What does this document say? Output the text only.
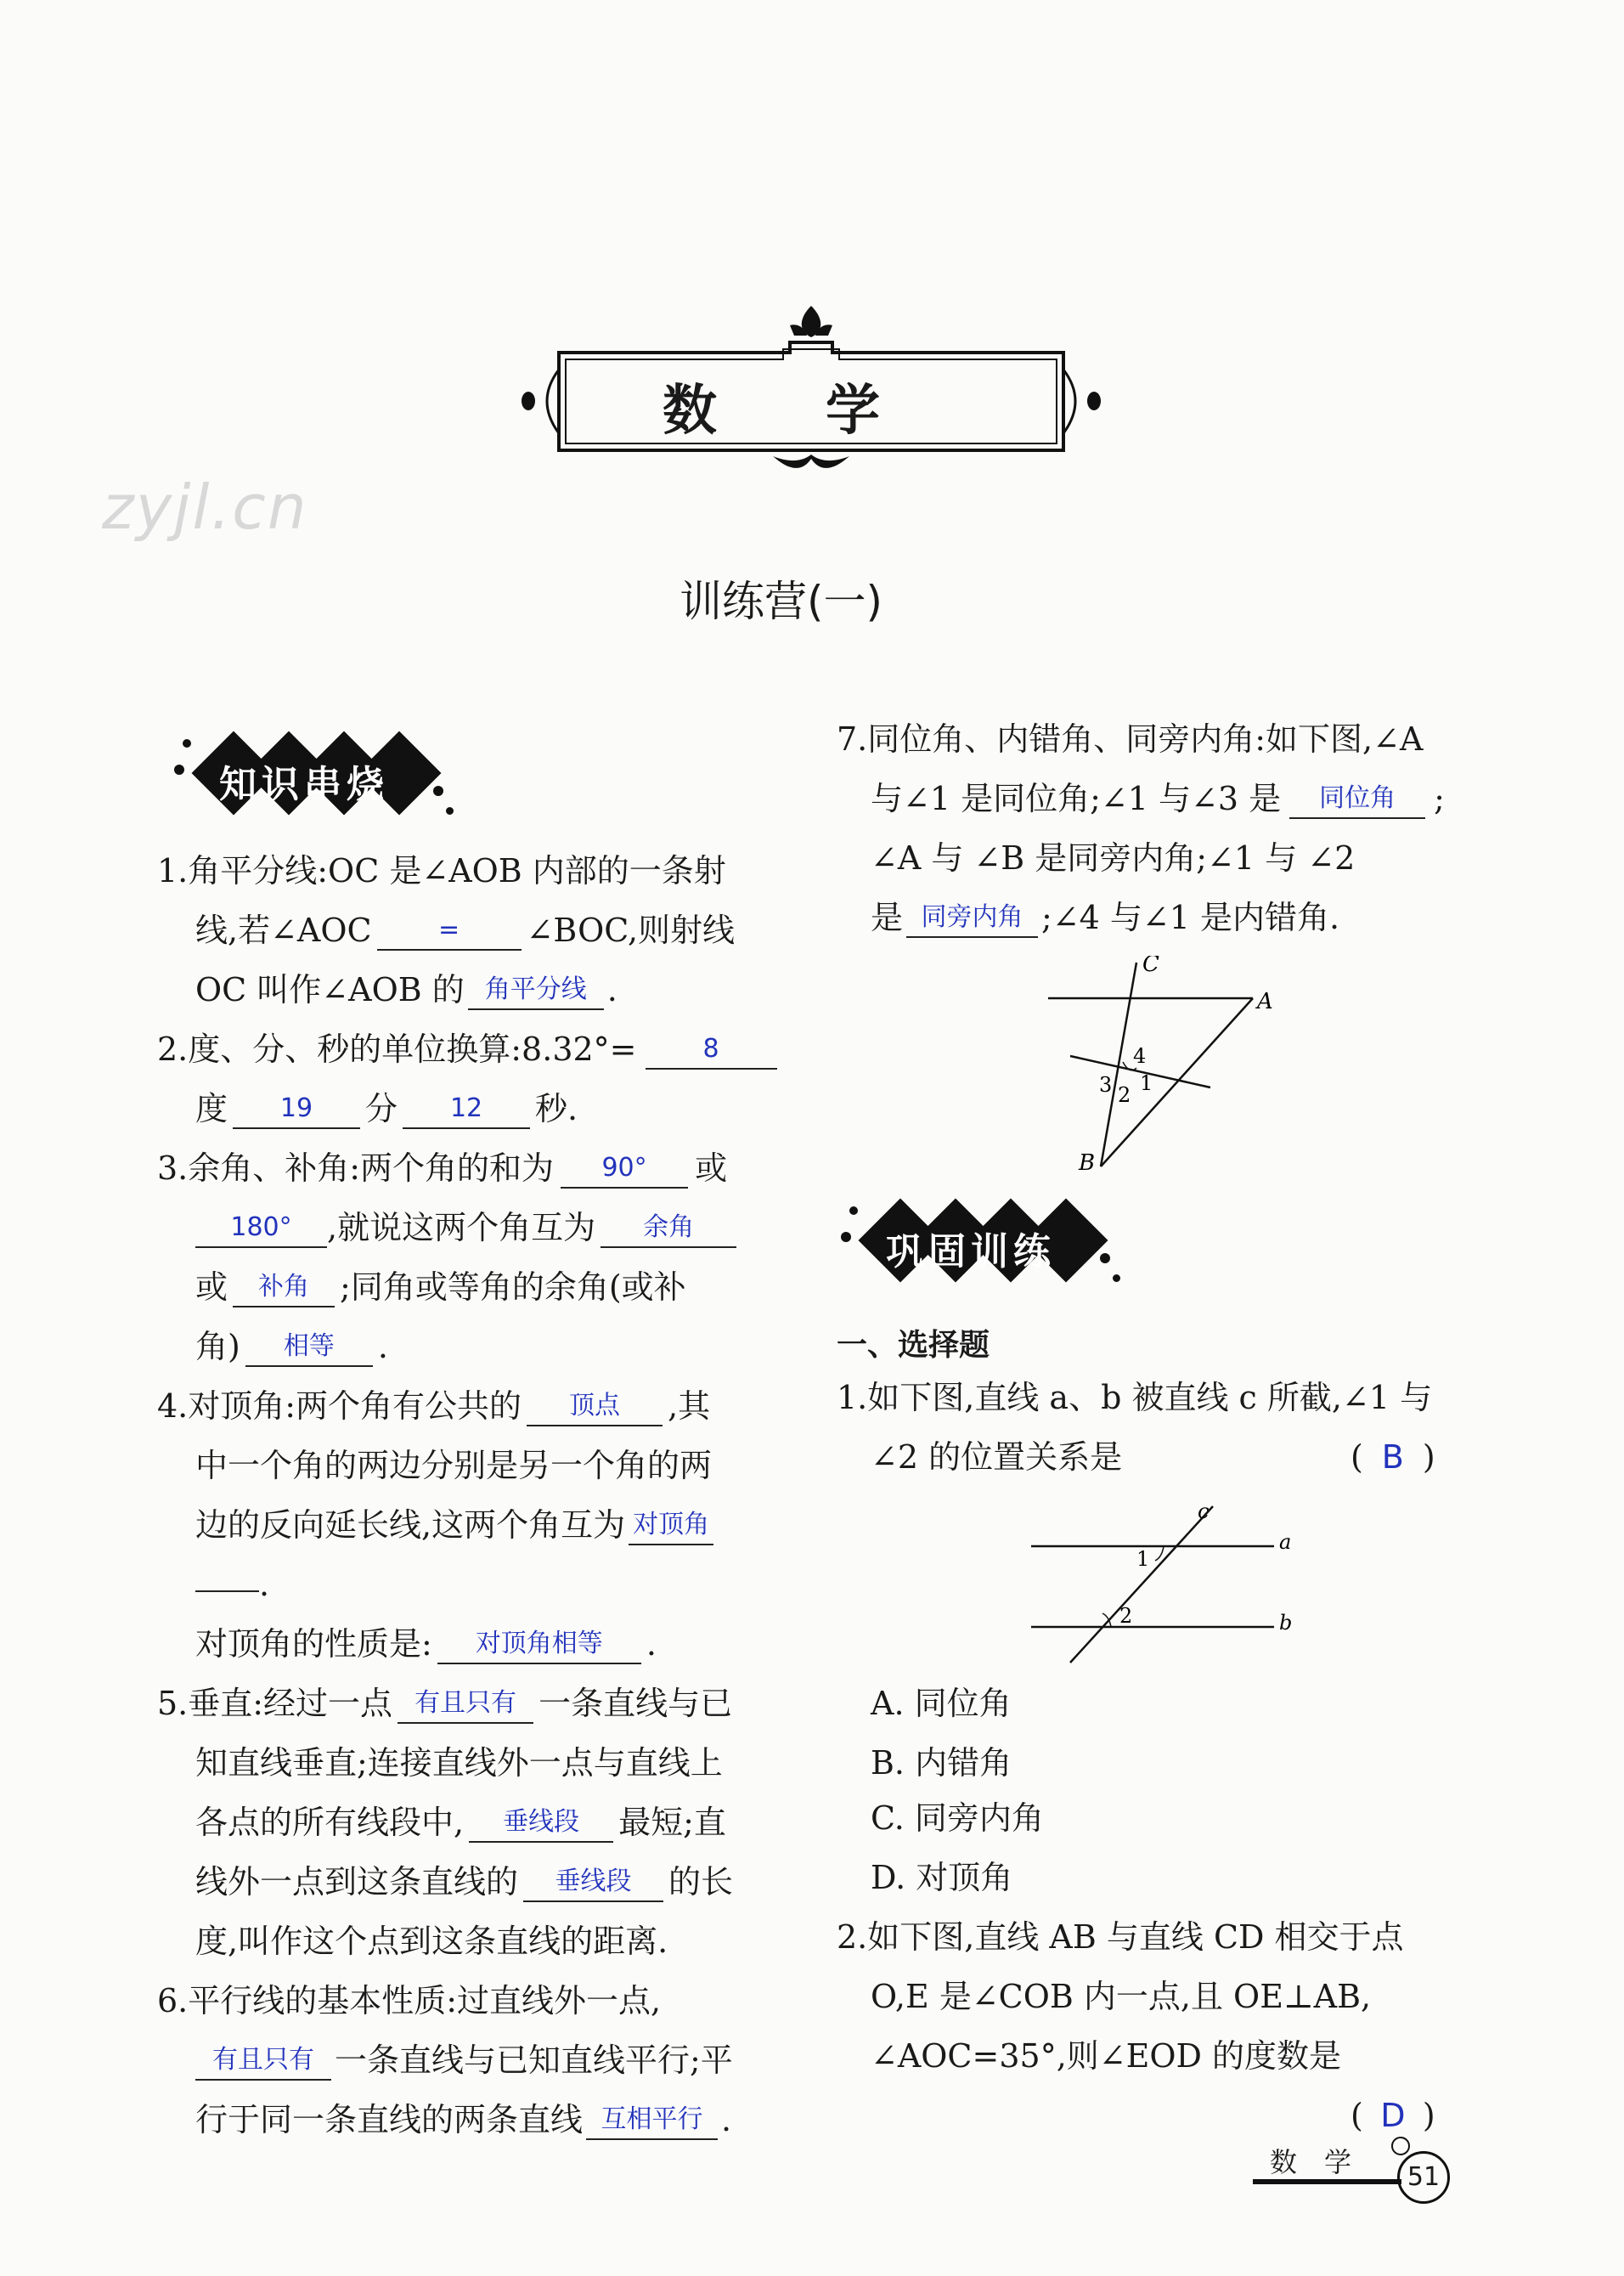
zyjl.cn
数　　学
训练营(一)
知识串烧
1.角平分线:OC 是∠AOB 内部的一条射
线,若∠AOC	= ∠BOC,则射线
OC 叫作∠AOB 的 角平分线 .
2.度、分、秒的单位换算:8.32°=	8
度 19 分 12 秒.
3.余角、补角:两个角的和为 90° 或
180° ,就说这两个角互为 余角
或 补角 ;同角或等角的余角(或补
角) 相等 .
4.对顶角:两个角有公共的 顶点 ,其
中一个角的两边分别是另一个角的两
边的反向延长线,这两个角互为 对顶角
.
对顶角的性质是: 对顶角相等 .
5.垂直:经过一点 有且只有 一条直线与已
知直线垂直;连接直线外一点与直线上
各点的所有线段中, 垂线段 最短;直
线外一点到这条直线的 垂线段 的长
度,叫作这个点到这条直线的距离.
6.平行线的基本性质:过直线外一点,
有且只有 一条直线与已知直线平行;平
行于同一条直线的两条直线 互相平行 .
7.同位角、内错角、同旁内角:如下图,∠A
与∠1 是同位角;∠1 与∠3 是 同位角 ;
∠A 与 ∠B 是同旁内角;∠1 与 ∠2
是 同旁内角 ;∠4 与∠1 是内错角.
C
A
B
4
3 2 1
巩固训练
一、选择题
1.如下图,直线 a、b 被直线 c 所截,∠1 与
∠2 的位置关系是	( B )
c
a
b
1
2
A. 同位角
B. 内错角
C. 同旁内角
D. 对顶角
2.如下图,直线 AB 与直线 CD 相交于点
O,E 是∠COB 内一点,且 OE⊥AB,
∠AOC=35°,则∠EOD 的度数是
( D )
数　学	51
